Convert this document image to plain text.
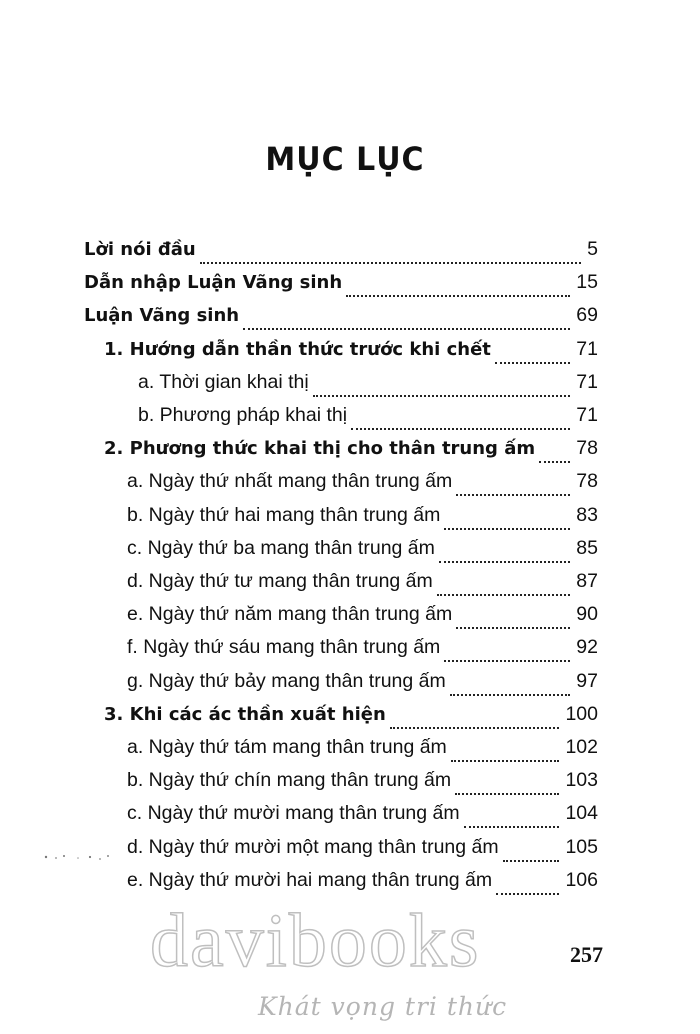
MỤC LỤC
Lời nói đầu	5
Dẫn nhập Luận Vãng sinh	15
Luận Vãng sinh	69
1. Hướng dẫn thần thức trước khi chết	71
a. Thời gian khai thị	71
b. Phương pháp khai thị	71
2. Phương thức khai thị cho thân trung ấm	78
a. Ngày thứ nhất mang thân trung ấm	78
b. Ngày thứ hai mang thân trung ấm	83
c. Ngày thứ ba mang thân trung ấm	85
d. Ngày thứ tư mang thân trung ấm	87
e. Ngày thứ năm mang thân trung ấm	90
f. Ngày thứ sáu mang thân trung ấm	92
g. Ngày thứ bảy mang thân trung ấm	97
3. Khi các ác thần xuất hiện	100
a. Ngày thứ tám mang thân trung ấm	102
b. Ngày thứ chín mang thân trung ấm	103
c. Ngày thứ mười mang thân trung ấm	104
d. Ngày thứ mười một mang thân trung ấm	105
e. Ngày thứ mười hai mang thân trung ấm	106
davibooks
Khát vọng tri thức
257
